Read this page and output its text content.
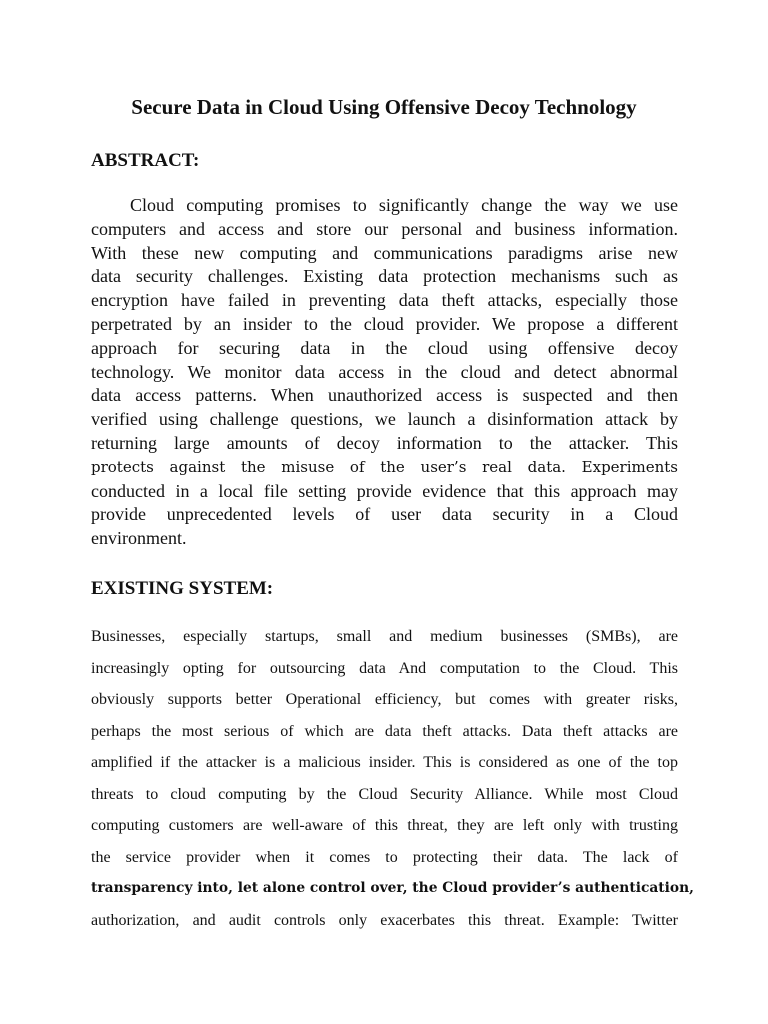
Secure Data in Cloud Using Offensive Decoy Technology
ABSTRACT:
Cloud computing promises to significantly change the way we use
computers and access and store our personal and business information.
With these new computing and communications paradigms arise new
data security challenges. Existing data protection mechanisms such as
encryption have failed in preventing data theft attacks, especially those
perpetrated by an insider to the cloud provider. We propose a different
approach for securing data in the cloud using offensive decoy
technology. We monitor data access in the cloud and detect abnormal
data access patterns. When unauthorized access is suspected and then
verified using challenge questions, we launch a disinformation attack by
returning large amounts of decoy information to the attacker. This
protects against the misuse of the user’s real data. Experiments
conducted in a local file setting provide evidence that this approach may
provide unprecedented levels of user data security in a Cloud
environment.
EXISTING SYSTEM:
Businesses, especially startups, small and medium businesses (SMBs), are
increasingly opting for outsourcing data And computation to the Cloud. This
obviously supports better Operational efficiency, but comes with greater risks,
perhaps the most serious of which are data theft attacks. Data theft attacks are
amplified if the attacker is a malicious insider. This is considered as one of the top
threats to cloud computing by the Cloud Security Alliance. While most Cloud
computing customers are well-aware of this threat, they are left only with trusting
the service provider when it comes to protecting their data. The lack of
transparency into, let alone control over, the Cloud provider’s authentication,
authorization, and audit controls only exacerbates this threat. Example: Twitter
